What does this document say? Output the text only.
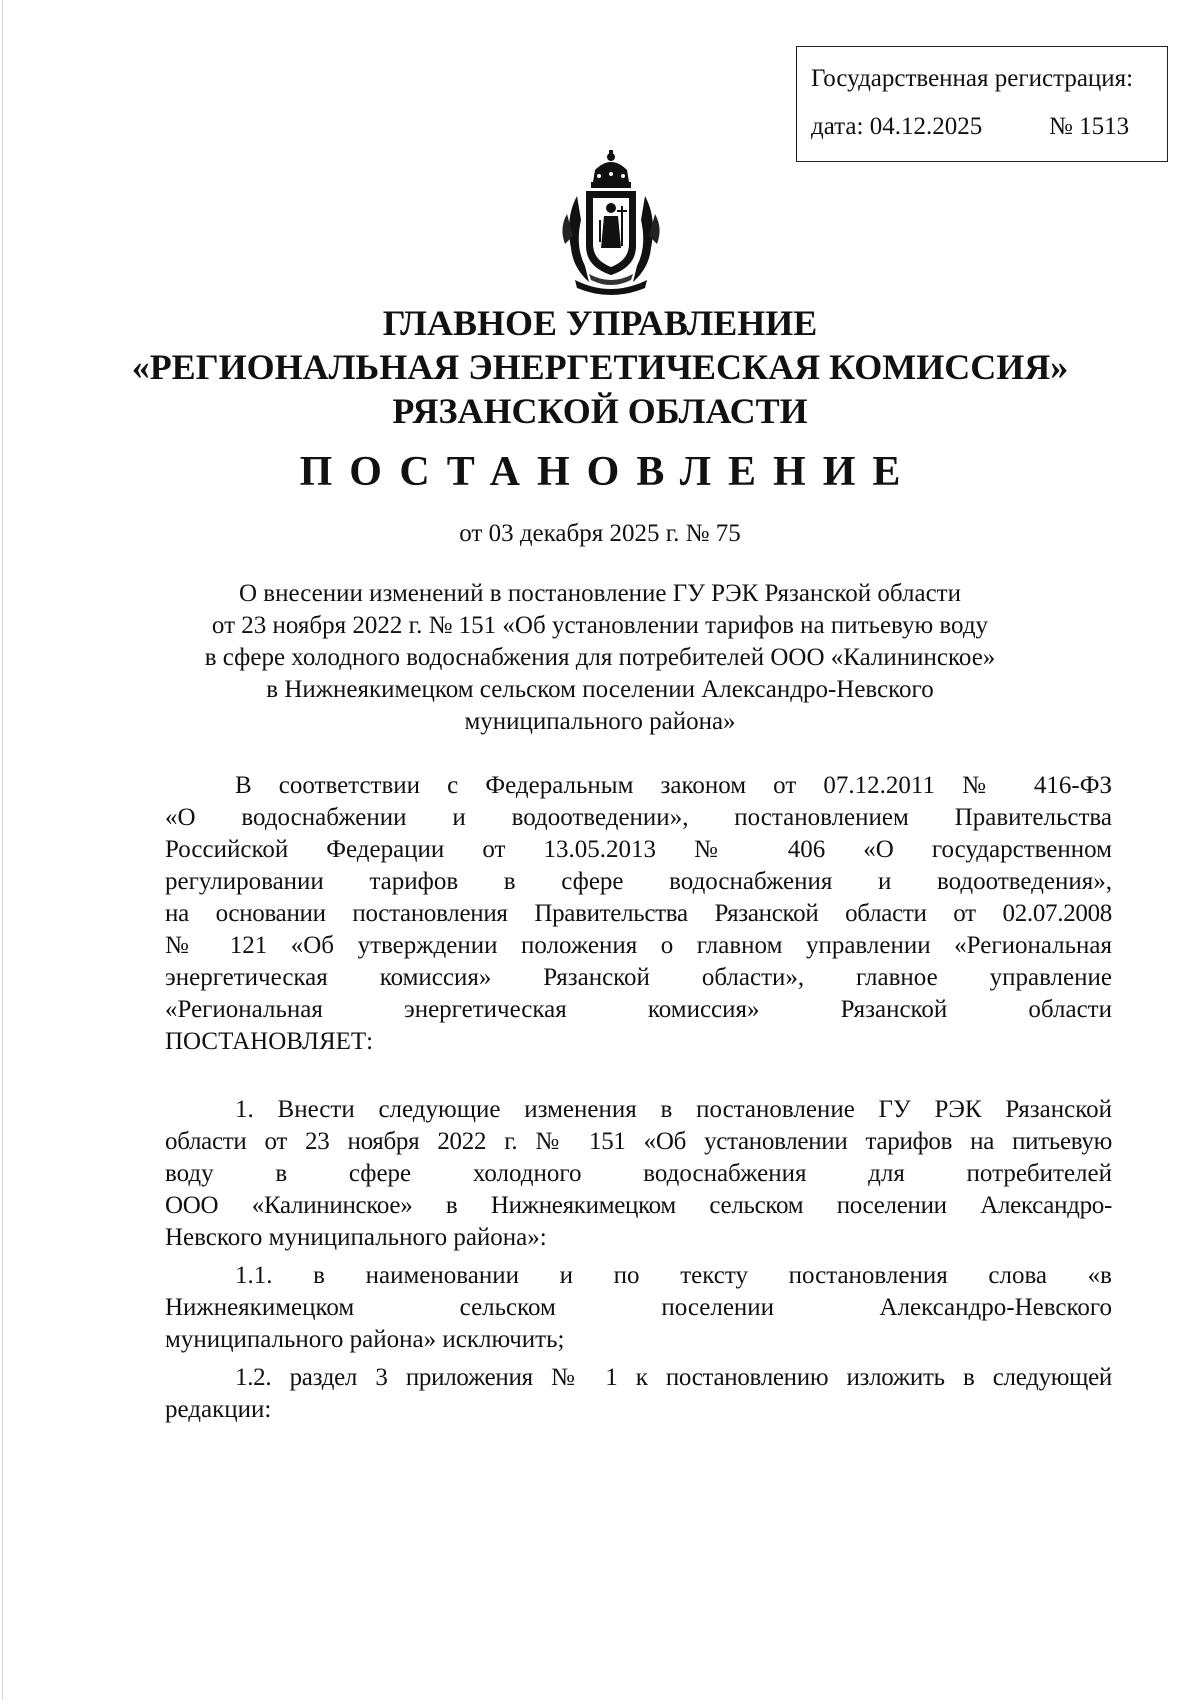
Государственная регистрация:
дата: 04.12.2025	№ 1513
ГЛАВНОЕ УПРАВЛЕНИЕ
«РЕГИОНАЛЬНАЯ ЭНЕРГЕТИЧЕСКАЯ КОМИССИЯ»
РЯЗАНСКОЙ ОБЛАСТИ
ПОСТАНОВЛЕНИЕ
от 03 декабря 2025 г. № 75
О внесении изменений в постановление ГУ РЭК Рязанской области
от 23 ноября 2022 г. № 151 «Об установлении тарифов на питьевую воду
в сфере холодного водоснабжения для потребителей ООО «Калининское»
в Нижнеякимецком сельском поселении Александро-Невского
муниципального района»
В соответствии с Федеральным законом от 07.12.2011 № 416-ФЗ
«О водоснабжении и водоотведении», постановлением Правительства
Российской Федерации от 13.05.2013 № 406 «О государственном
регулировании тарифов в сфере водоснабжения и водоотведения»,
на основании постановления Правительства Рязанской области от 02.07.2008
№ 121 «Об утверждении положения о главном управлении «Региональная
энергетическая комиссия» Рязанской области», главное управление
«Региональная энергетическая комиссия» Рязанской области
ПОСТАНОВЛЯЕТ:
1. Внести следующие изменения в постановление ГУ РЭК Рязанской
области от 23 ноября 2022 г. № 151 «Об установлении тарифов на питьевую
воду в сфере холодного водоснабжения для потребителей
ООО «Калининское» в Нижнеякимецком сельском поселении Александро-
Невского муниципального района»:
1.1. в наименовании и по тексту постановления слова «в
Нижнеякимецком сельском поселении Александро-Невского
муниципального района» исключить;
1.2. раздел 3 приложения № 1 к постановлению изложить в следующей
редакции:
